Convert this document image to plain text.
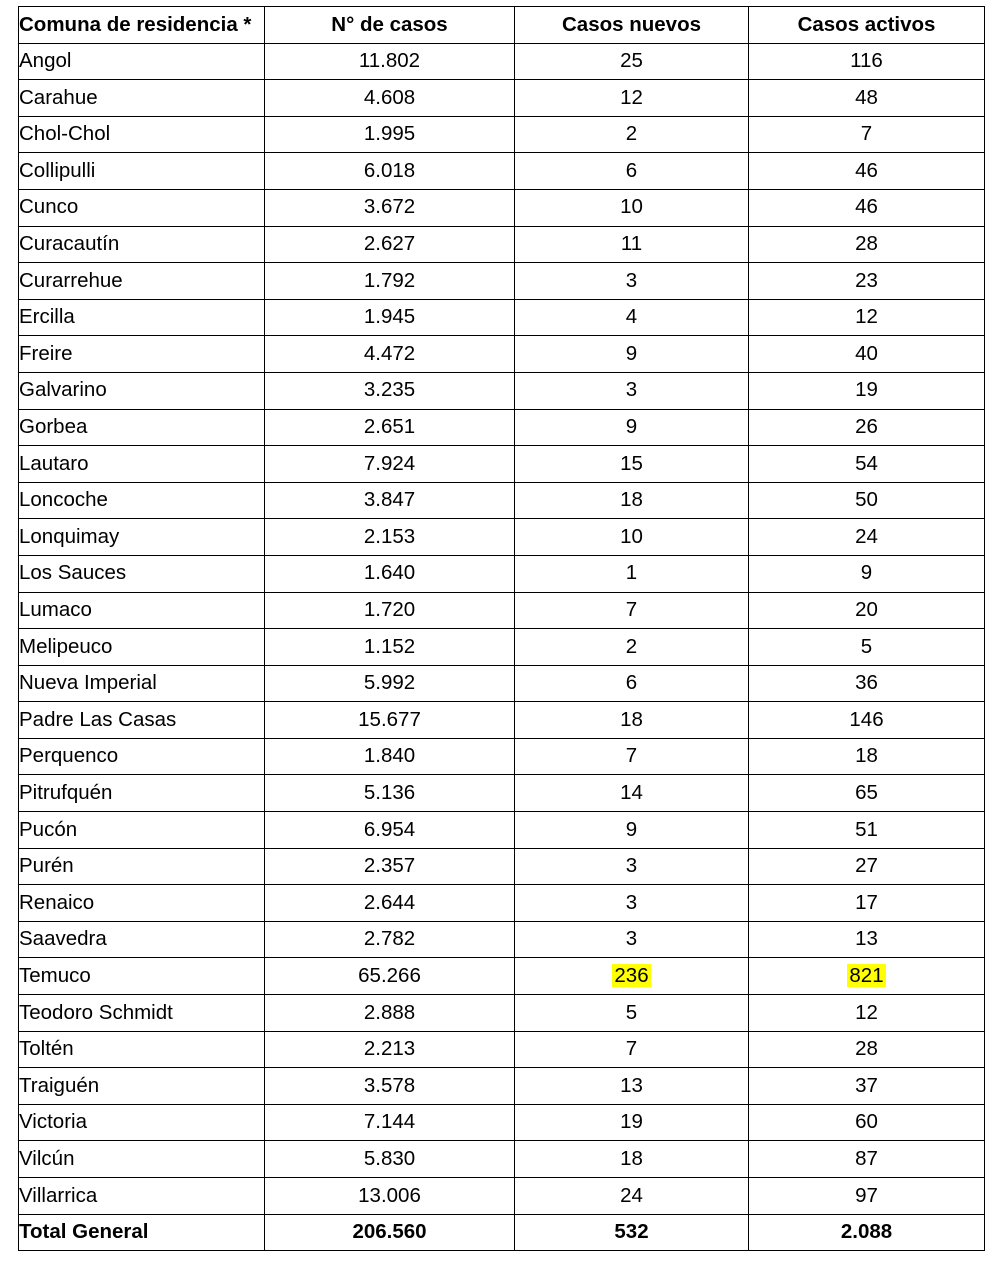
Comuna de residencia *	N° de casos	Casos nuevos	Casos activos
Angol	11.802	25	116
Carahue	4.608	12	48
Chol-Chol	1.995	2	7
Collipulli	6.018	6	46
Cunco	3.672	10	46
Curacautín	2.627	11	28
Curarrehue	1.792	3	23
Ercilla	1.945	4	12
Freire	4.472	9	40
Galvarino	3.235	3	19
Gorbea	2.651	9	26
Lautaro	7.924	15	54
Loncoche	3.847	18	50
Lonquimay	2.153	10	24
Los Sauces	1.640	1	9
Lumaco	1.720	7	20
Melipeuco	1.152	2	5
Nueva Imperial	5.992	6	36
Padre Las Casas	15.677	18	146
Perquenco	1.840	7	18
Pitrufquén	5.136	14	65
Pucón	6.954	9	51
Purén	2.357	3	27
Renaico	2.644	3	17
Saavedra	2.782	3	13
Temuco	65.266	236	821
Teodoro Schmidt	2.888	5	12
Toltén	2.213	7	28
Traiguén	3.578	13	37
Victoria	7.144	19	60
Vilcún	5.830	18	87
Villarrica	13.006	24	97
Total General	206.560	532	2.088
